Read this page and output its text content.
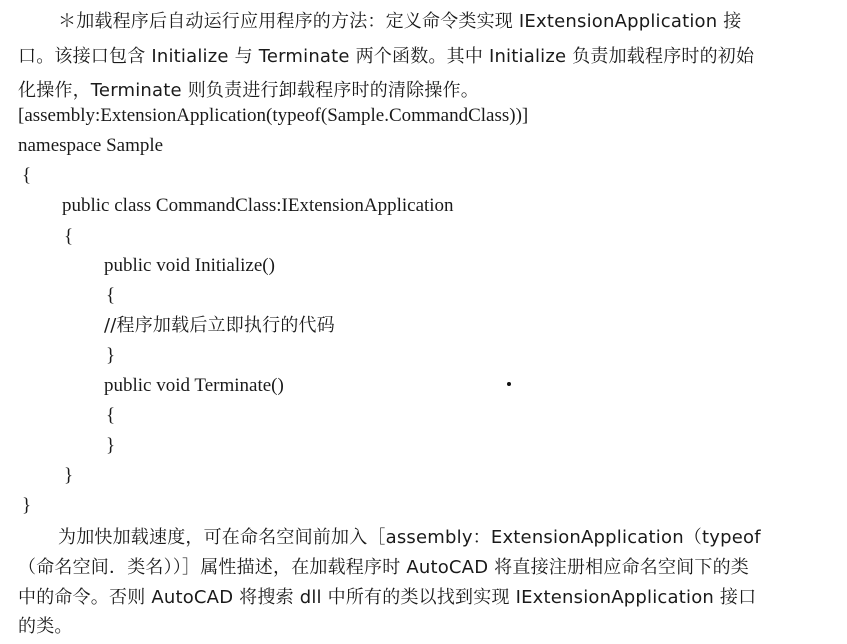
＊加载程序后自动运行应用程序的方法：定义命令类实现 IExtensionApplication 接
口。该接口包含 Initialize 与 Terminate 两个函数。其中 Initialize 负责加载程序时的初始
化操作，Terminate 则负责进行卸载程序时的清除操作。
[assembly:ExtensionApplication(typeof(Sample.CommandClass))]
namespace Sample
{
public class CommandClass:IExtensionApplication
{
public void Initialize()
{
//程序加载后立即执行的代码
}
public void Terminate()
{
}
}
}
为加快加载速度，可在命名空间前加入［assembly：ExtensionApplication（typeof
（命名空间．类名））］属性描述，在加载程序时 AutoCAD 将直接注册相应命名空间下的类
中的命令。否则 AutoCAD 将搜索 dll 中所有的类以找到实现 IExtensionApplication 接口
的类。
